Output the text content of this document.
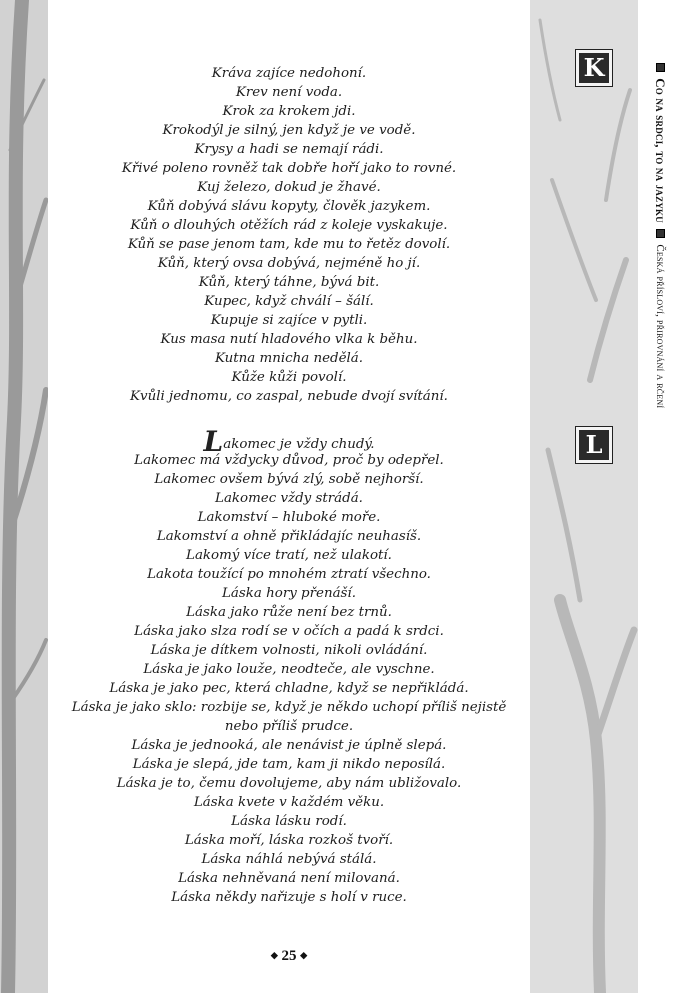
K
L
Co na srdci, to na jazyku  Česká přísloví, přirovnání a rčení
Kráva zajíce nedohoní.
Krev není voda.
Krok za krokem jdi.
Krokodýl je silný, jen když je ve vodě.
Krysy a hadi se nemají rádi.
Křivé poleno rovněž tak dobře hoří jako to rovné.
Kuj železo, dokud je žhavé.
Kůň dobývá slávu kopyty, člověk jazykem.
Kůň o dlouhých otěžích rád z koleje vyskakuje.
Kůň se pase jenom tam, kde mu to řetěz dovolí.
Kůň, který ovsa dobývá, nejméně ho jí.
Kůň, který táhne, bývá bit.
Kupec, když chválí – šálí.
Kupuje si zajíce v pytli.
Kus masa nutí hladového vlka k běhu.
Kutna mnicha nedělá.
Kůže kůži povolí.
Kvůli jednomu, co zaspal, nebude dvojí svítání.
Lakomec je vždy chudý.
Lakomec má vždycky důvod, proč by odepřel.
Lakomec ovšem bývá zlý, sobě nejhorší.
Lakomec vždy strádá.
Lakomství – hluboké moře.
Lakomství a ohně přikládajíc neuhasíš.
Lakomý více tratí, než ulakotí.
Lakota toužící po mnohém ztratí všechno.
Láska hory přenáší.
Láska jako růže není bez trnů.
Láska jako slza rodí se v očích a padá k srdci.
Láska je dítkem volnosti, nikoli ovládání.
Láska je jako louže, neodteče, ale vyschne.
Láska je jako pec, která chladne, když se nepřikládá.
Láska je jako sklo: rozbije se, když je někdo uchopí příliš nejistě
nebo příliš prudce.
Láska je jednooká, ale nenávist je úplně slepá.
Láska je slepá, jde tam, kam ji nikdo neposílá.
Láska je to, čemu dovolujeme, aby nám ubližovalo.
Láska kvete v každém věku.
Láska lásku rodí.
Láska moří, láska rozkoš tvoří.
Láska náhlá nebývá stálá.
Láska nehněvaná není milovaná.
Láska někdy nařizuje s holí v ruce.
◆ 25 ◆
